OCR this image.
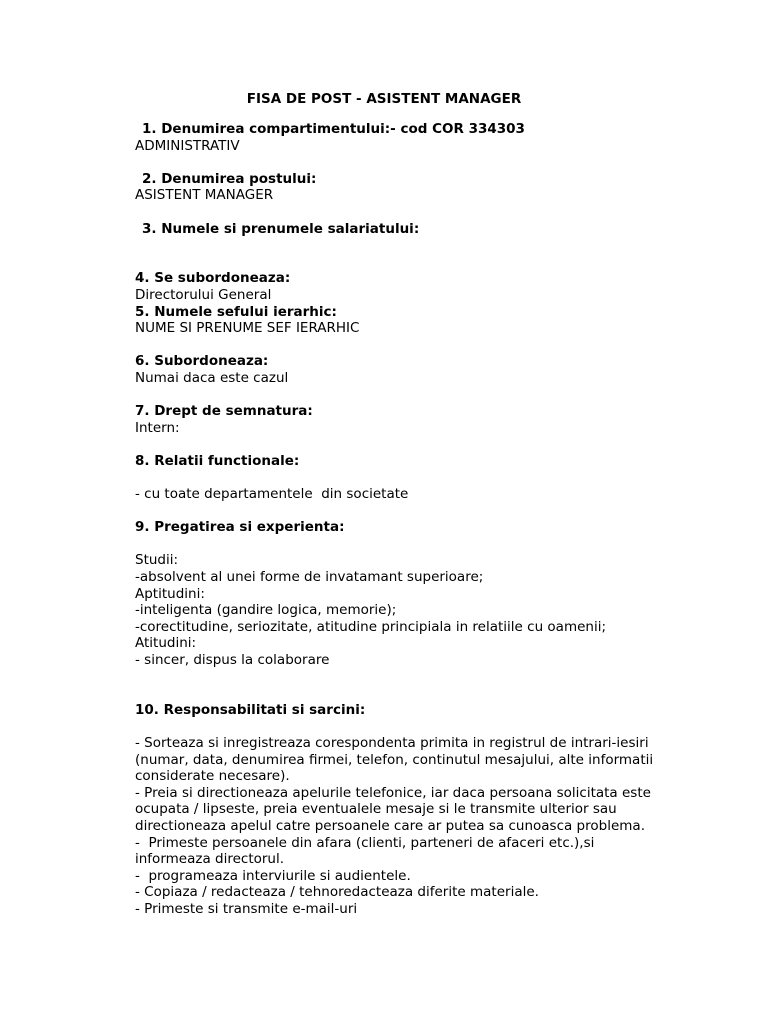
FISA DE POST - ASISTENT MANAGER

1. Denumirea compartimentului:- cod COR 334303

ADMINISTRATIV

2. Denumirea postului:

ASISTENT MANAGER

3. Numele si prenumele salariatului:

4. Se subordoneaza:

Directorului General

5. Numele sefului ierarhic:

NUME SI PRENUME SEF IERARHIC

6. Subordoneaza:

Numai daca este cazul

7. Drept de semnatura:

Intern:

8. Relatii functionale:

- cu toate departamentele  din societate

9. Pregatirea si experienta:

Studii:

-absolvent al unei forme de invatamant superioare;

Aptitudini:

-inteligenta (gandire logica, memorie);

-corectitudine, seriozitate, atitudine principiala in relatiile cu oamenii;

Atitudini:

- sincer, dispus la colaborare

10. Responsabilitati si sarcini:

- Sorteaza si inregistreaza corespondenta primita in registrul de intrari-iesiri

(numar, data, denumirea firmei, telefon, continutul mesajului, alte informatii

considerate necesare).

- Preia si directioneaza apelurile telefonice, iar daca persoana solicitata este

ocupata / lipseste, preia eventualele mesaje si le transmite ulterior sau

directioneaza apelul catre persoanele care ar putea sa cunoasca problema.

-  Primeste persoanele din afara (clienti, parteneri de afaceri etc.),si

informeaza directorul.

-  programeaza interviurile si audientele.

- Copiaza / redacteaza / tehnoredacteaza diferite materiale.

- Primeste si transmite e-mail-uri
